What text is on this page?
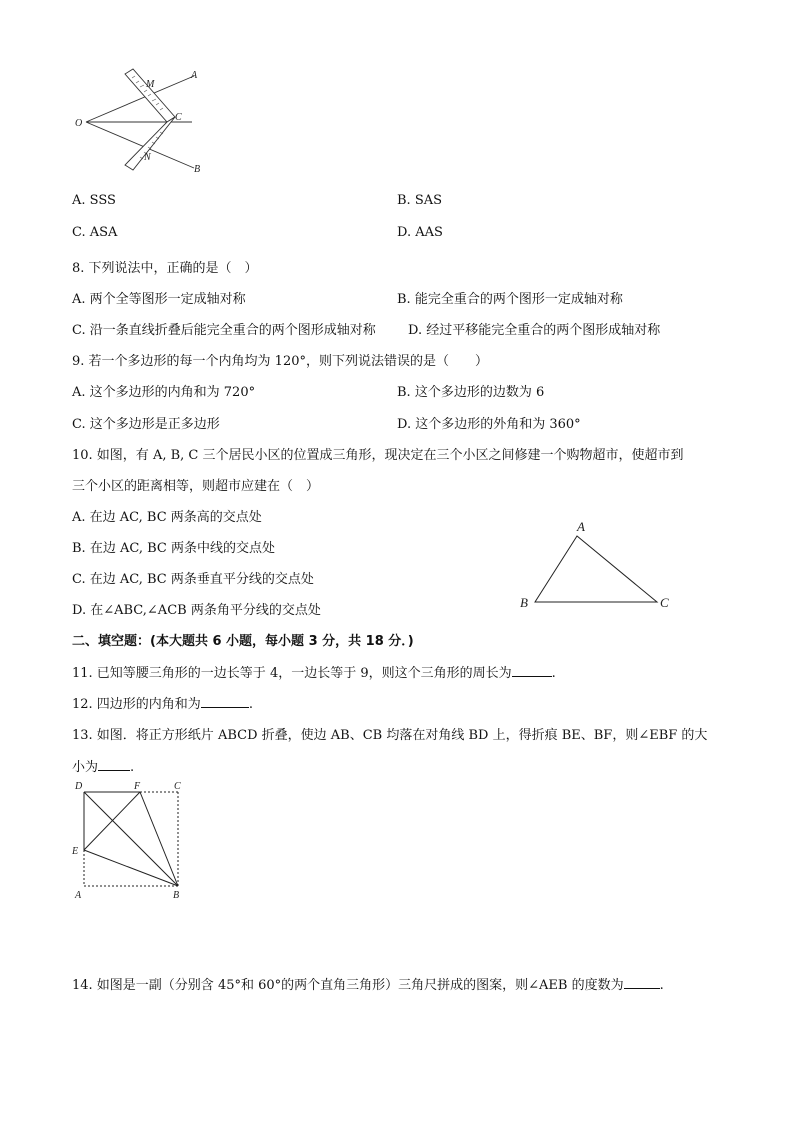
M
A
O
C
N
B
A. SSS	B. SAS
C. ASA	D. AAS
8. 下列说法中，正确的是（　）
A. 两个全等图形一定成轴对称	B. 能完全重合的两个图形一定成轴对称
C. 沿一条直线折叠后能完全重合的两个图形成轴对称 D. 经过平移能完全重合的两个图形成轴对称
9. 若一个多边形的每一个内角均为 120°，则下列说法错误的是（　　）
A. 这个多边形的内角和为 720°	B. 这个多边形的边数为 6
C. 这个多边形是正多边形	D. 这个多边形的外角和为 360°
10. 如图，有 A, B, C 三个居民小区的位置成三角形，现决定在三个小区之间修建一个购物超市，使超市到
三个小区的距离相等，则超市应建在（　）
A. 在边 AC, BC 两条高的交点处
B. 在边 AC, BC 两条中线的交点处
C. 在边 AC, BC 两条垂直平分线的交点处
D. 在∠ABC,∠ACB 两条角平分线的交点处
A
B	C
二、填空题：(本大题共 6 小题，每小题 3 分，共 18 分．)
11. 已知等腰三角形的一边长等于 4，一边长等于 9，则这个三角形的周长为	.
12. 四边形的内角和为	.
13. 如图．将正方形纸片 ABCD 折叠，使边 AB、CB 均落在对角线 BD 上，得折痕 BE、BF，则∠EBF 的大
小为 .
D	F	C
E
A	B
14. 如图是一副（分别含 45°和 60°的两个直角三角形）三角尺拼成的图案，则∠AEB 的度数为	.
